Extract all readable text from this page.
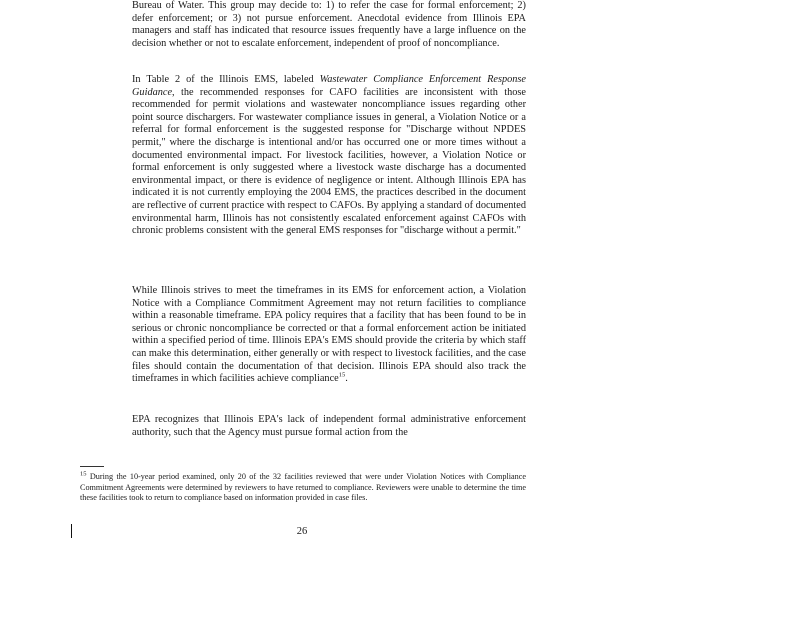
Bureau of Water. This group may decide to: 1) to refer the case for formal enforcement; 2) defer enforcement; or 3) not pursue enforcement. Anecdotal evidence from Illinois EPA managers and staff has indicated that resource issues frequently have a large influence on the decision whether or not to escalate enforcement, independent of proof of noncompliance.

In Table 2 of the Illinois EMS, labeled Wastewater Compliance Enforcement Response Guidance, the recommended responses for CAFO facilities are inconsistent with those recommended for permit violations and wastewater noncompliance issues regarding other point source dischargers. For wastewater compliance issues in general, a Violation Notice or a referral for formal enforcement is the suggested response for "Discharge without NPDES permit," where the discharge is intentional and/or has occurred one or more times without a documented environmental impact. For livestock facilities, however, a Violation Notice or formal enforcement is only suggested where a livestock waste discharge has a documented environmental impact, or there is evidence of negligence or intent. Although Illinois EPA has indicated it is not currently employing the 2004 EMS, the practices described in the document are reflective of current practice with respect to CAFOs. By applying a standard of documented environmental harm, Illinois has not consistently escalated enforcement against CAFOs with chronic problems consistent with the general EMS responses for "discharge without a permit."

While Illinois strives to meet the timeframes in its EMS for enforcement action, a Violation Notice with a Compliance Commitment Agreement may not return facilities to compliance within a reasonable timeframe. EPA policy requires that a facility that has been found to be in serious or chronic noncompliance be corrected or that a formal enforcement action be initiated within a specified period of time. Illinois EPA's EMS should provide the criteria by which staff can make this determination, either generally or with respect to livestock facilities, and the case files should contain the documentation of that decision. Illinois EPA should also track the timeframes in which facilities achieve compliance$^{15}$.

EPA recognizes that Illinois EPA's lack of independent formal administrative enforcement authority, such that the Agency must pursue formal action from the

$^{15}$ During the 10-year period examined, only 20 of the 32 facilities reviewed that were under Violation Notices with Compliance Commitment Agreements were determined by reviewers to have returned to compliance. Reviewers were unable to determine the time these facilities took to return to compliance based on information provided in case files.
26
